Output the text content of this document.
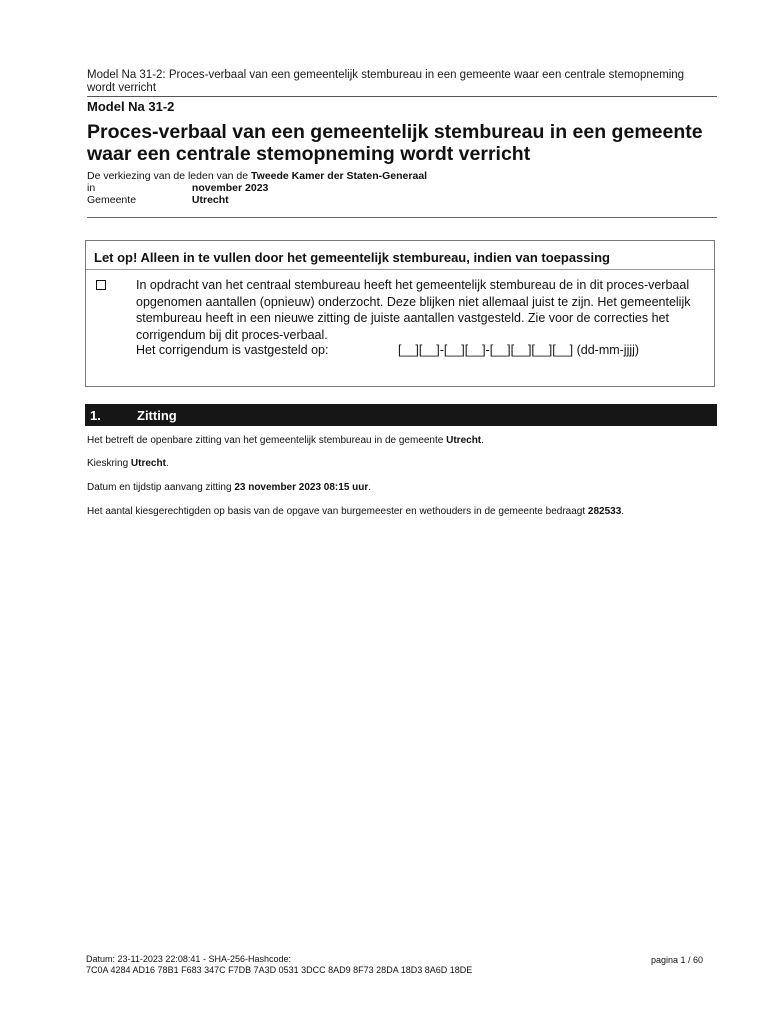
Model Na 31-2: Proces-verbaal van een gemeentelijk stembureau in een gemeente waar een centrale stemopneming wordt verricht
Model Na 31-2
Proces-verbaal van een gemeentelijk stembureau in een gemeente waar een centrale stemopneming wordt verricht
De verkiezing van de leden van de Tweede Kamer der Staten-Generaal
in	november 2023
Gemeente	Utrecht
Let op! Alleen in te vullen door het gemeentelijk stembureau, indien van toepassing
In opdracht van het centraal stembureau heeft het gemeentelijk stembureau de in dit proces-verbaal opgenomen aantallen (opnieuw) onderzocht. Deze blijken niet allemaal juist te zijn. Het gemeentelijk stembureau heeft in een nieuwe zitting de juiste aantallen vastgesteld. Zie voor de correcties het corrigendum bij dit proces-verbaal.
Het corrigendum is vastgesteld op:	[__][__]-[__][__]-[__][__][__][__] (dd-mm-jjjj)
1.	Zitting
Het betreft de openbare zitting van het gemeentelijk stembureau in de gemeente Utrecht.
Kieskring Utrecht.
Datum en tijdstip aanvang zitting 23 november 2023 08:15 uur.
Het aantal kiesgerechtigden op basis van de opgave van burgemeester en wethouders in de gemeente bedraagt 282533.
Datum: 23-11-2023 22:08:41 - SHA-256-Hashcode:
7C0A 4284 AD16 78B1 F683 347C F7DB 7A3D 0531 3DCC 8AD9 8F73 28DA 18D3 8A6D 18DE
pagina 1 / 60
